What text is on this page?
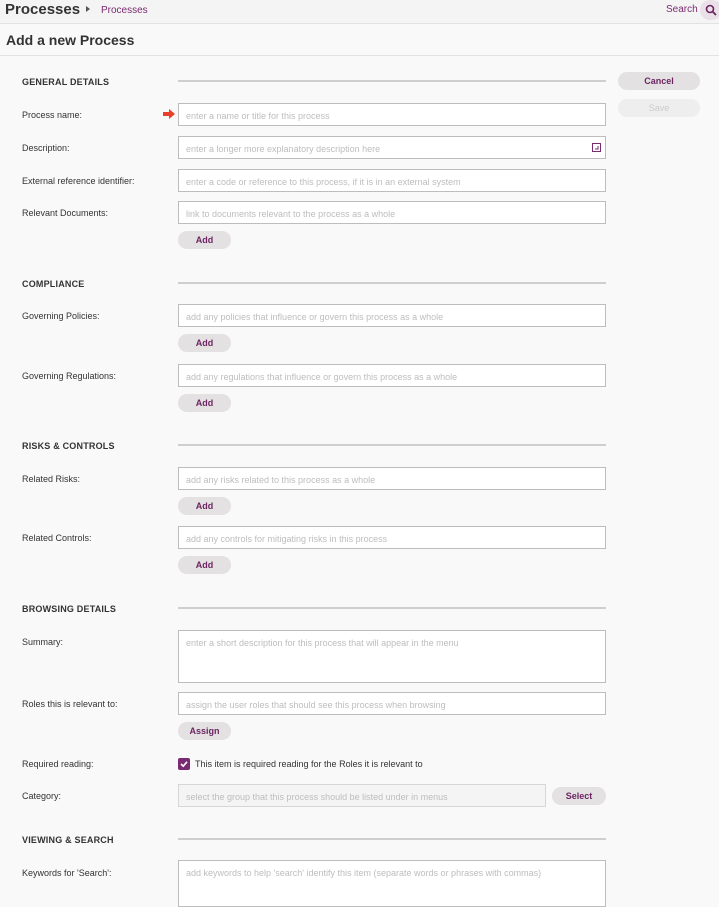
Processes Processes	Search
Add a new Process
Cancel
Save
GENERAL DETAILS
Process name:	enter a name or title for this process
Description:	enter a longer more explanatory description here
External reference identifier:	enter a code or reference to this process, if it is in an external system
Relevant Documents:	link to documents relevant to the process as a whole
Add
COMPLIANCE
Governing Policies:	add any policies that influence or govern this process as a whole
Add
Governing Regulations:	add any regulations that influence or govern this process as a whole
Add
RISKS & CONTROLS
Related Risks:	add any risks related to this process as a whole
Add
Related Controls:	add any controls for mitigating risks in this process
Add
BROWSING DETAILS
Summary:	enter a short description for this process that will appear in the menu
Roles this is relevant to:	assign the user roles that should see this process when browsing
Assign
Required reading:	This item is required reading for the Roles it is relevant to
Category:	select the group that this process should be listed under in menus	Select
VIEWING & SEARCH
Keywords for 'Search':	add keywords to help 'search' identify this item (separate words or phrases with commas)
